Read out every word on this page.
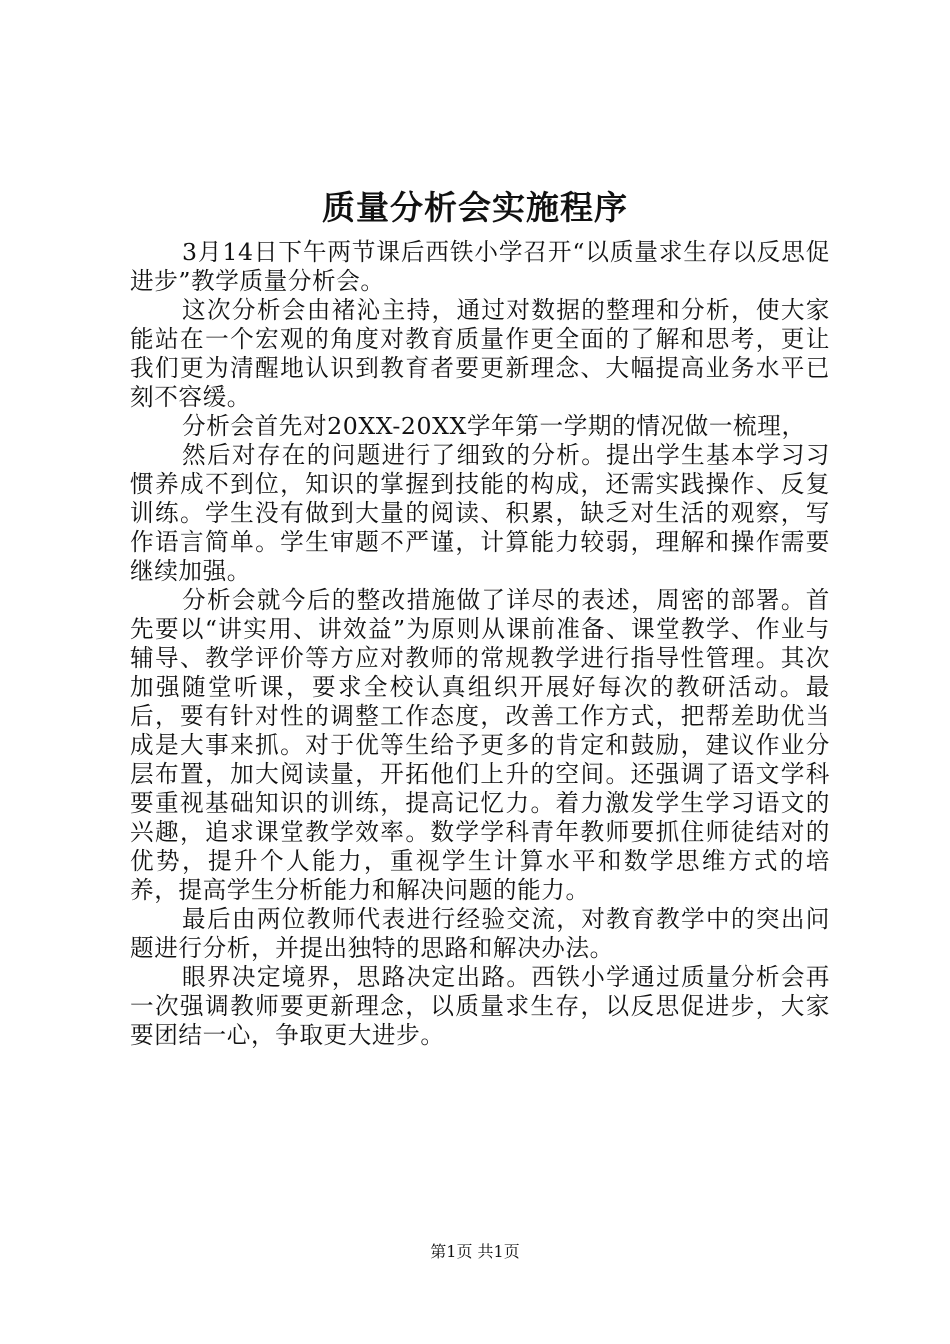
质量分析会实施程序

3月14日下午两节课后西铁小学召开“以质量求生存以反思促进步”教学质量分析会。

这次分析会由褚沁主持，通过对数据的整理和分析，使大家能站在一个宏观的角度对教育质量作更全面的了解和思考，更让我们更为清醒地认识到教育者要更新理念、大幅提高业务水平已刻不容缓。

分析会首先对20XX-20XX学年第一学期的情况做一梳理，

然后对存在的问题进行了细致的分析。提出学生基本学习习惯养成不到位，知识的掌握到技能的构成，还需实践操作、反复训练。学生没有做到大量的阅读、积累，缺乏对生活的观察，写作语言简单。学生审题不严谨，计算能力较弱，理解和操作需要继续加强。

分析会就今后的整改措施做了详尽的表述，周密的部署。首先要以“讲实用、讲效益”为原则从课前准备、课堂教学、作业与辅导、教学评价等方应对教师的常规教学进行指导性管理。其次加强随堂听课，要求全校认真组织开展好每次的教研活动。最后，要有针对性的调整工作态度，改善工作方式，把帮差助优当成是大事来抓。对于优等生给予更多的肯定和鼓励，建议作业分层布置，加大阅读量，开拓他们上升的空间。还强调了语文学科要重视基础知识的训练，提高记忆力。着力激发学生学习语文的兴趣，追求课堂教学效率。数学学科青年教师要抓住师徒结对的优势，提升个人能力，重视学生计算水平和数学思维方式的培养，提高学生分析能力和解决问题的能力。

最后由两位教师代表进行经验交流，对教育教学中的突出问题进行分析，并提出独特的思路和解决办法。

眼界决定境界，思路决定出路。西铁小学通过质量分析会再一次强调教师要更新理念，以质量求生存，以反思促进步，大家要团结一心，争取更大进步。

第1页 共1页
